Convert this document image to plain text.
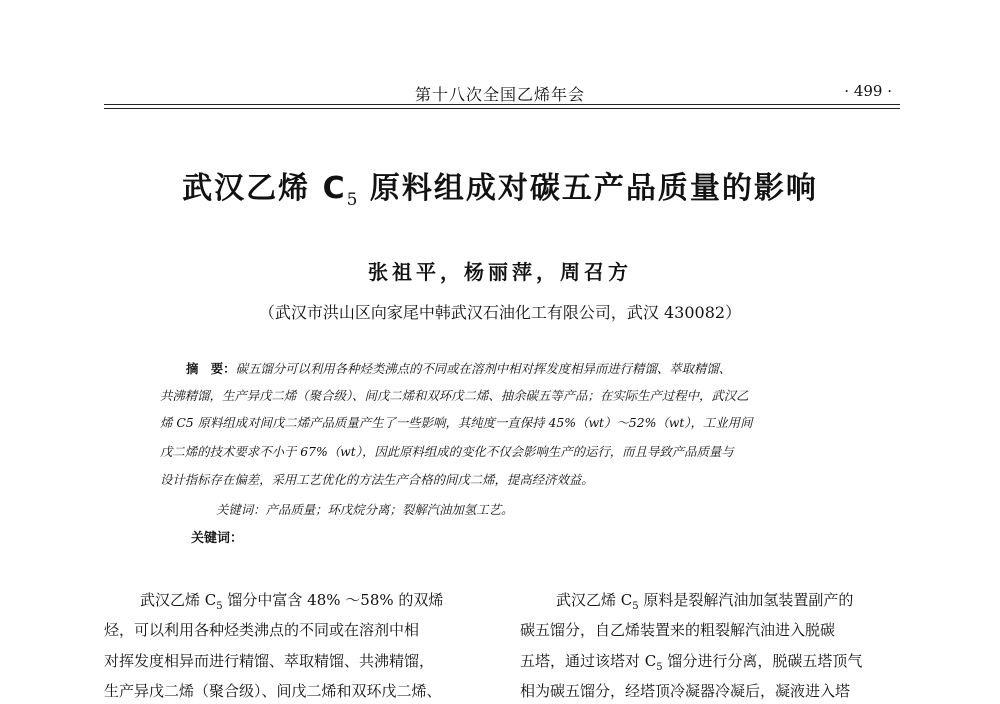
第十八次全国乙烯年会	· 499 ·
武汉乙烯 $C_5$ 原料组成对碳五产品质量的影响
张祖平，杨丽萍，周召方
（武汉市洪山区向家尾中韩武汉石油化工有限公司，武汉 430082）
摘　要：碳五馏分可以利用各种烃类沸点的不同或在溶剂中相对挥发度相异而进行精馏、萃取精馏、
共沸精馏，生产异戊二烯（聚合级）、间戊二烯和双环戊二烯、抽余碳五等产品；在实际生产过程中，武汉乙
烯 C5 原料组成对间戊二烯产品质量产生了一些影响，其纯度一直保持 45%（wt）～52%（wt），工业用间
戊二烯的技术要求不小于 67%（wt），因此原料组成的变化不仅会影响生产的运行，而且导致产品质量与
设计指标存在偏差，采用工艺优化的方法生产合格的间戊二烯，提高经济效益。
关键词：产品质量；环戊烷分离；裂解汽油加氢工艺。
关键词：
武汉乙烯 $C_5$ 馏分中富含 48% ～58% 的双烯
烃，可以利用各种烃类沸点的不同或在溶剂中相
对挥发度相异而进行精馏、萃取精馏、共沸精馏，
生产异戊二烯（聚合级）、间戊二烯和双环戊二烯、
武汉乙烯 $C_5$ 原料是裂解汽油加氢装置副产的
碳五馏分，自乙烯装置来的粗裂解汽油进入脱碳
五塔，通过该塔对 $C_5$ 馏分进行分离，脱碳五塔顶气
相为碳五馏分，经塔顶冷凝器冷凝后，凝液进入塔
